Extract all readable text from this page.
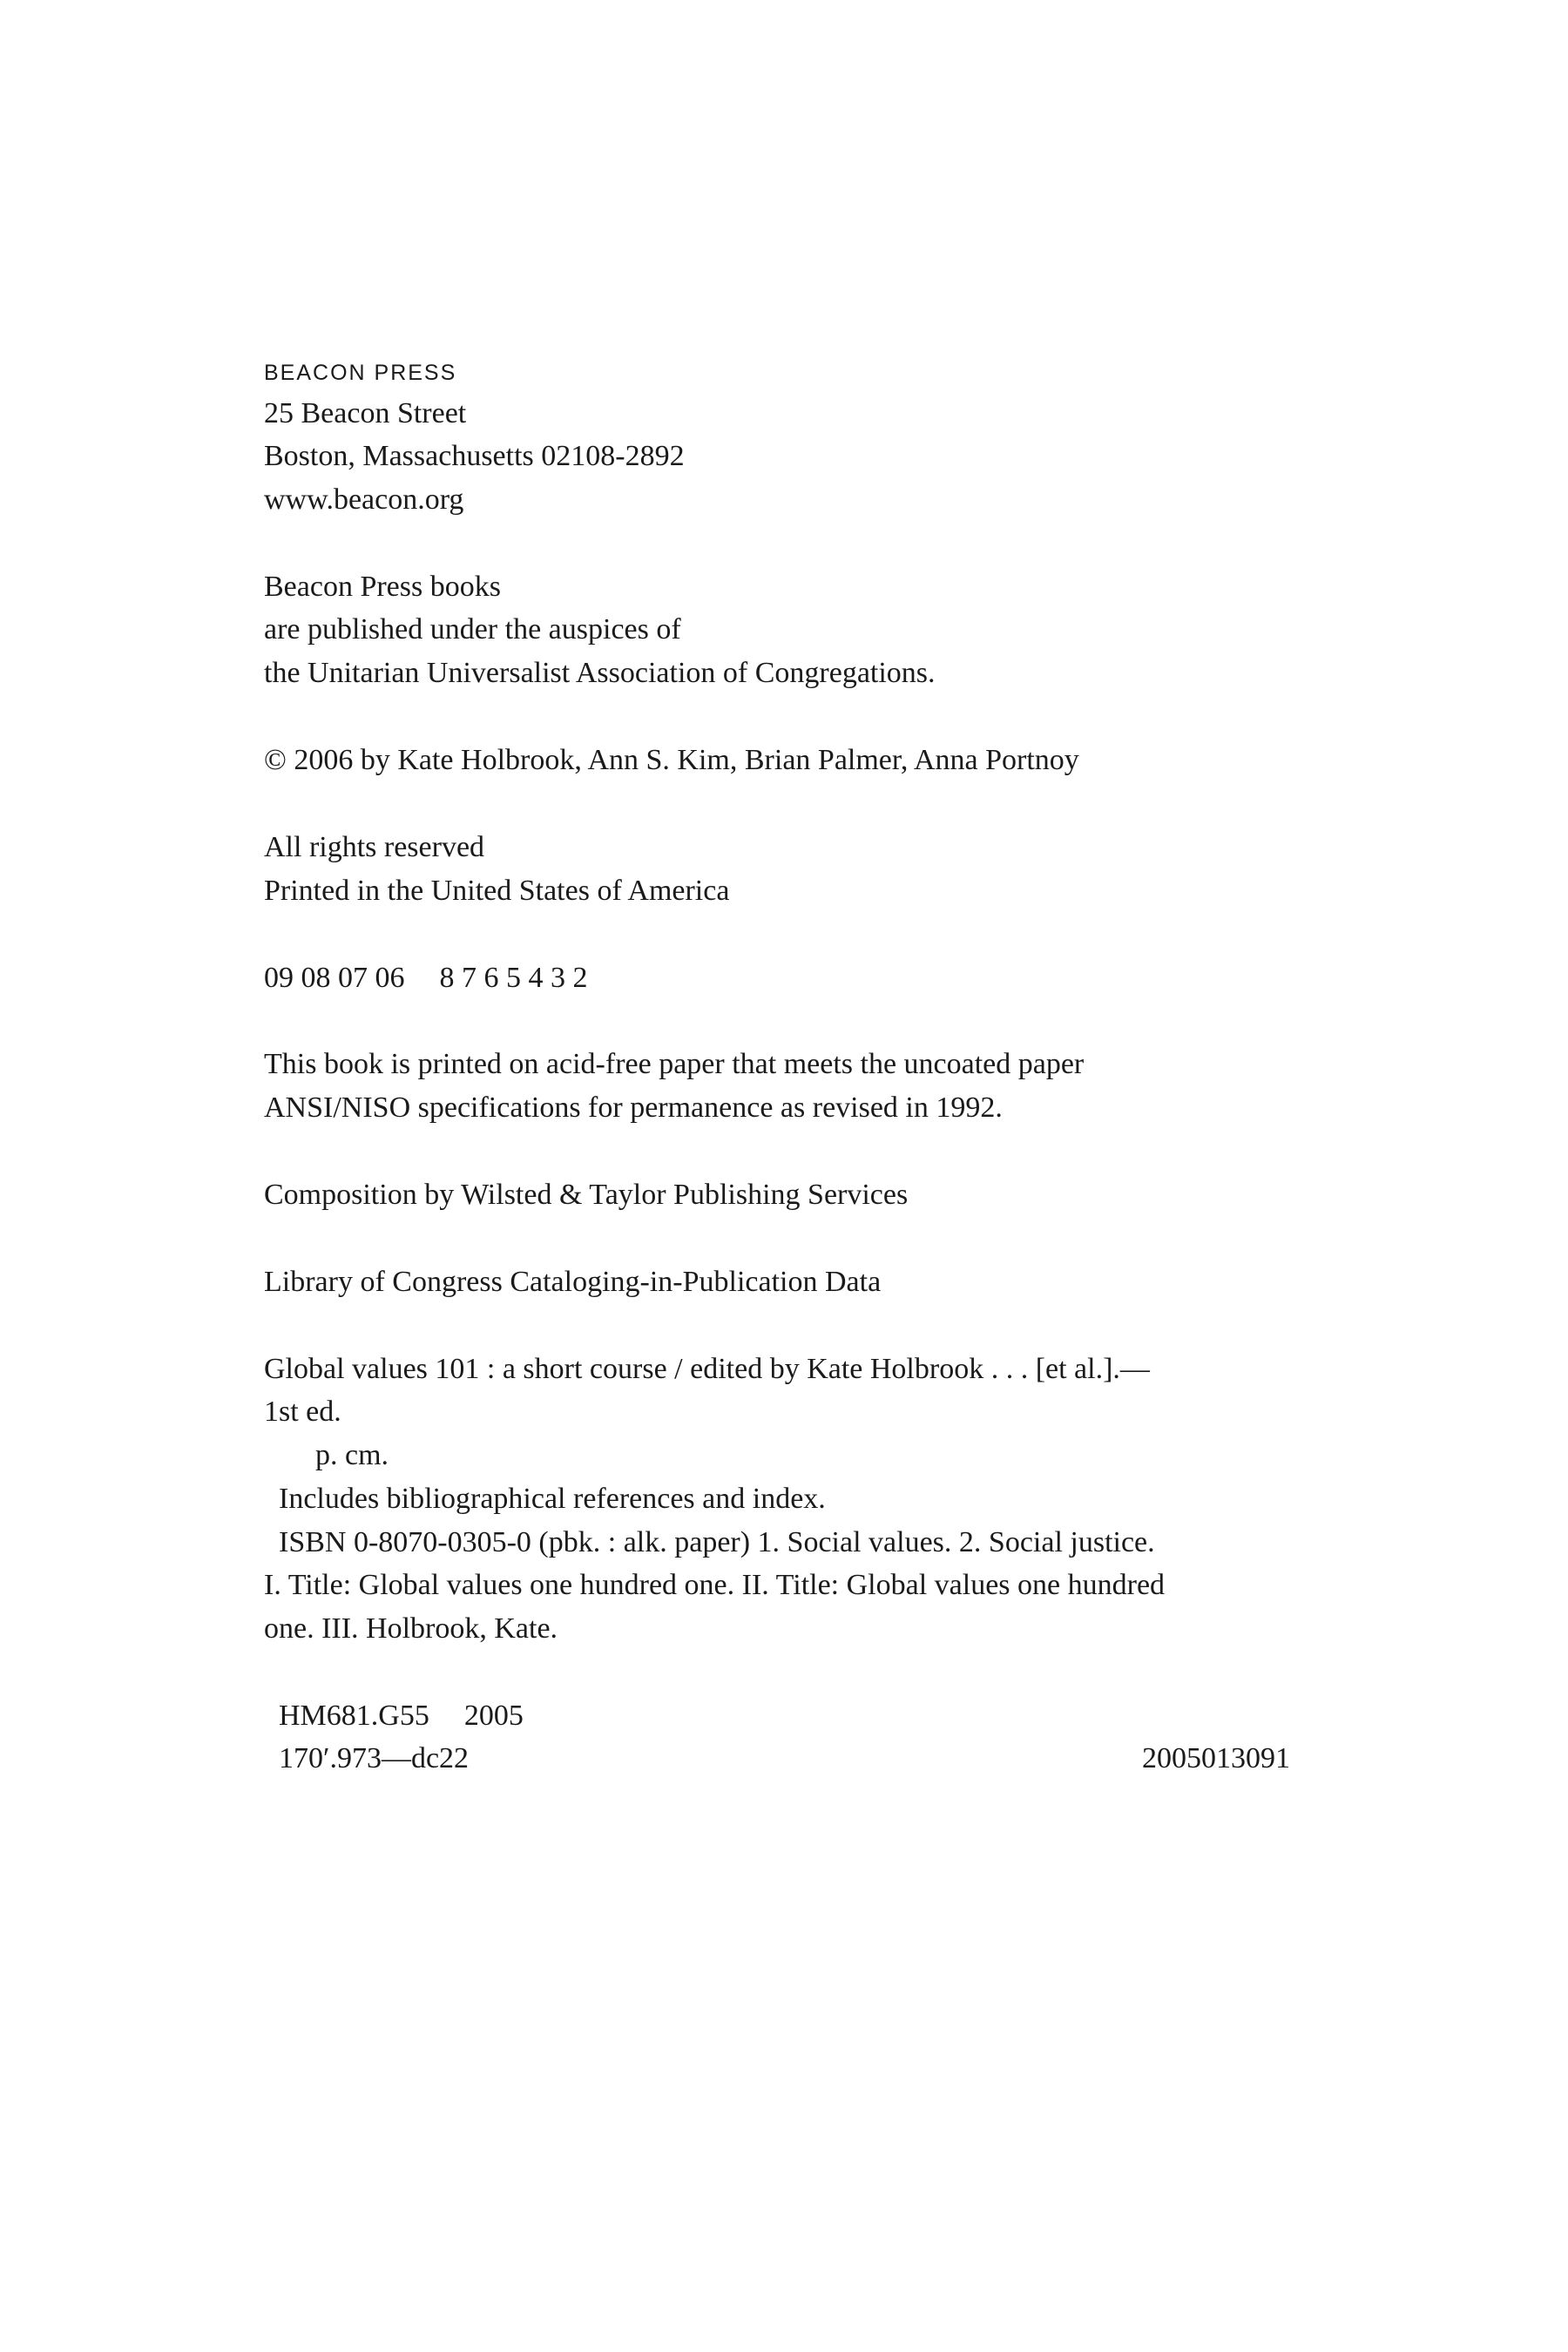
BEACON PRESS
25 Beacon Street
Boston, Massachusetts 02108-2892
www.beacon.org
Beacon Press books
are published under the auspices of
the Unitarian Universalist Association of Congregations.
© 2006 by Kate Holbrook, Ann S. Kim, Brian Palmer, Anna Portnoy
All rights reserved
Printed in the United States of America
09 08 07 06 8 7 6 5 4 3 2
This book is printed on acid-free paper that meets the uncoated paper
ANSI/NISO specifications for permanence as revised in 1992.
Composition by Wilsted & Taylor Publishing Services
Library of Congress Cataloging-in-Publication Data
Global values 101 : a short course / edited by Kate Holbrook . . . [et al.].—
1st ed.
p. cm.
Includes bibliographical references and index.
ISBN 0-8070-0305-0 (pbk. : alk. paper) 1. Social values. 2. Social justice.
I. Title: Global values one hundred one. II. Title: Global values one hundred
one. III. Holbrook, Kate.
HM681.G55 2005
170′.973—dc22	2005013091
